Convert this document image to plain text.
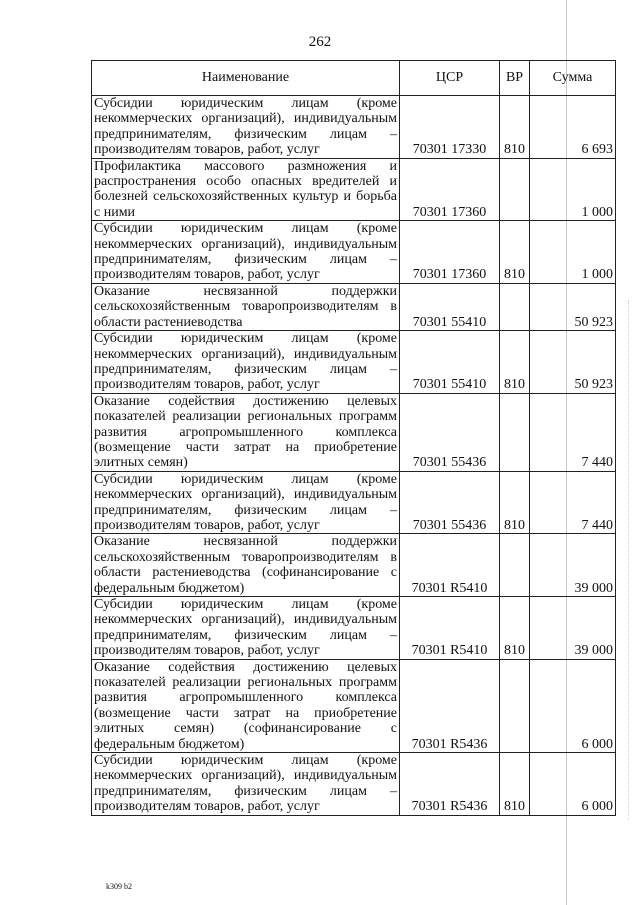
262
Наименование	ЦСР	ВР	Сумма
Субсидии юридическим лицам (кроме некоммерческих организаций), индивидуальным предпринимателям, физическим лицам – производителям товаров, работ, услуг	70301 17330	810	6 693
Профилактика массового размножения и распространения особо опасных вредителей и болезней сельскохозяйственных культур и борьба с ними	70301 17360		1 000
Субсидии юридическим лицам (кроме некоммерческих организаций), индивидуальным предпринимателям, физическим лицам – производителям товаров, работ, услуг	70301 17360	810	1 000
Оказание несвязанной поддержки сельскохозяйственным товаропроизводителям в области растениеводства	70301 55410		50 923
Субсидии юридическим лицам (кроме некоммерческих организаций), индивидуальным предпринимателям, физическим лицам – производителям товаров, работ, услуг	70301 55410	810	50 923
Оказание содействия достижению целевых показателей реализации региональных программ развития агропромышленного комплекса (возмещение части затрат на приобретение элитных семян)	70301 55436		7 440
Субсидии юридическим лицам (кроме некоммерческих организаций), индивидуальным предпринимателям, физическим лицам – производителям товаров, работ, услуг	70301 55436	810	7 440
Оказание несвязанной поддержки сельскохозяйственным товаропроизводителям в области растениеводства (софинансирование с федеральным бюджетом)	70301 R5410		39 000
Субсидии юридическим лицам (кроме некоммерческих организаций), индивидуальным предпринимателям, физическим лицам – производителям товаров, работ, услуг	70301 R5410	810	39 000
Оказание содействия достижению целевых показателей реализации региональных программ развития агропромышленного комплекса (возмещение части затрат на приобретение элитных семян) (софинансирование с федеральным бюджетом)	70301 R5436		6 000
Субсидии юридическим лицам (кроме некоммерческих организаций), индивидуальным предпринимателям, физическим лицам – производителям товаров, работ, услуг	70301 R5436	810	6 000
k309 b2
